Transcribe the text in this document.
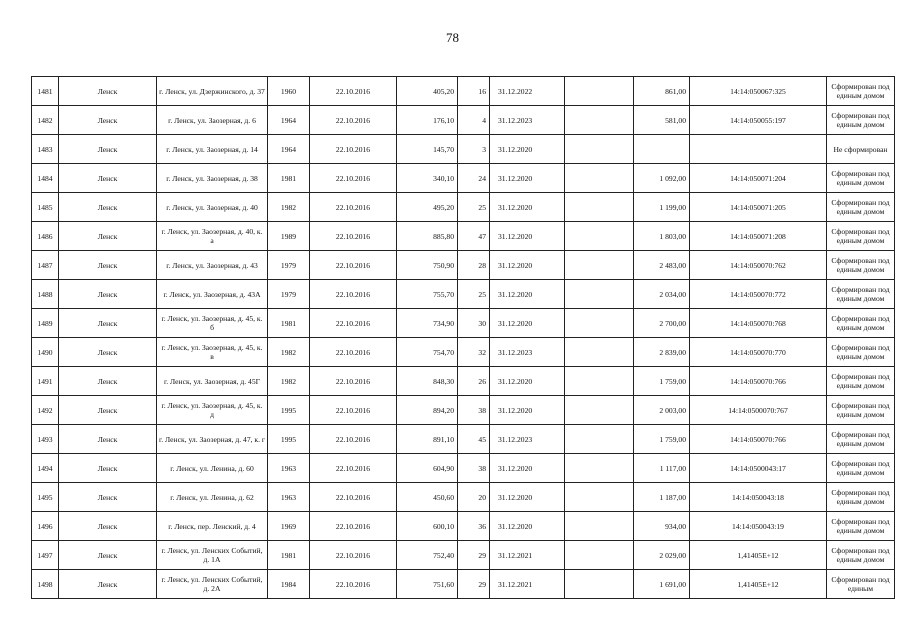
78
1481	Ленск	г. Ленск, ул. Дзержинского, д. 37	1960	22.10.2016	405,20	16	31.12.2022		861,00	14:14:050067:325	Сформирован под единым домом
1482	Ленск	г. Ленск, ул. Заозерная, д. 6	1964	22.10.2016	176,10	4	31.12.2023		581,00	14:14:050055:197	Сформирован под единым домом
1483	Ленск	г. Ленск, ул. Заозерная, д. 14	1964	22.10.2016	145,70	3	31.12.2020				Не сформирован
1484	Ленск	г. Ленск, ул. Заозерная, д. 38	1981	22.10.2016	340,10	24	31.12.2020		1 092,00	14:14:050071:204	Сформирован под единым домом
1485	Ленск	г. Ленск, ул. Заозерная, д. 40	1982	22.10.2016	495,20	25	31.12.2020		1 199,00	14:14:050071:205	Сформирован под единым домом
1486	Ленск	г. Ленск, ул. Заозерная, д. 40, к. а	1989	22.10.2016	885,80	47	31.12.2020		1 803,00	14:14:050071:208	Сформирован под единым домом
1487	Ленск	г. Ленск, ул. Заозерная, д. 43	1979	22.10.2016	750,90	28	31.12.2020		2 483,00	14:14:050070:762	Сформирован под единым домом
1488	Ленск	г. Ленск, ул. Заозерная, д. 43А	1979	22.10.2016	755,70	25	31.12.2020		2 034,00	14:14:050070:772	Сформирован под единым домом
1489	Ленск	г. Ленск, ул. Заозерная, д. 45, к. б	1981	22.10.2016	734,90	30	31.12.2020		2 700,00	14:14:050070:768	Сформирован под единым домом
1490	Ленск	г. Ленск, ул. Заозерная, д. 45, к. в	1982	22.10.2016	754,70	32	31.12.2023		2 839,00	14:14:050070:770	Сформирован под единым домом
1491	Ленск	г. Ленск, ул. Заозерная, д. 45Г	1982	22.10.2016	848,30	26	31.12.2020		1 759,00	14:14:050070:766	Сформирован под единым домом
1492	Ленск	г. Ленск, ул. Заозерная, д. 45, к. д	1995	22.10.2016	894,20	38	31.12.2020		2 003,00	14:14:0500070:767	Сформирован под единым домом
1493	Ленск	г. Ленск, ул. Заозерная, д. 47, к. г	1995	22.10.2016	891,10	45	31.12.2023		1 759,00	14:14:050070:766	Сформирован под единым домом
1494	Ленск	г. Ленск, ул. Ленина, д. 60	1963	22.10.2016	604,90	38	31.12.2020		1 117,00	14:14:0500043:17	Сформирован под единым домом
1495	Ленск	г. Ленск, ул. Ленина, д. 62	1963	22.10.2016	450,60	20	31.12.2020		1 187,00	14:14:050043:18	Сформирован под единым домом
1496	Ленск	г. Ленск, пер. Ленский, д. 4	1969	22.10.2016	600,10	36	31.12.2020		934,00	14:14:050043:19	Сформирован под единым домом
1497	Ленск	г. Ленск, ул. Ленских Событий, д. 1А	1981	22.10.2016	752,40	29	31.12.2021		2 029,00	1,41405E+12	Сформирован под единым домом
1498	Ленск	г. Ленск, ул. Ленских Событий, д. 2А	1984	22.10.2016	751,60	29	31.12.2021		1 691,00	1,41405E+12	Сформирован под единым
